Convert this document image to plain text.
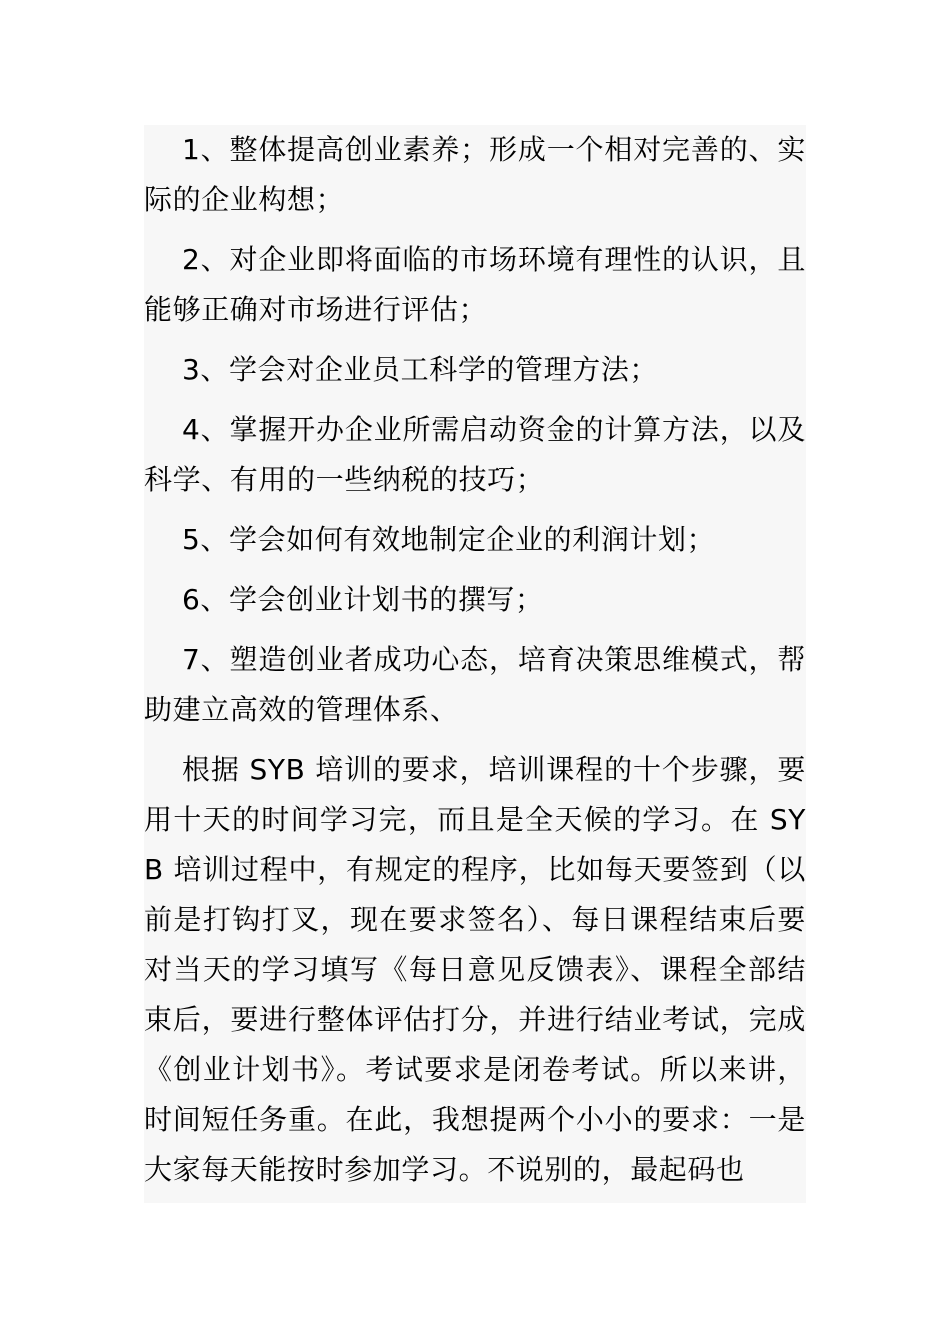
1、整体提高创业素养；形成一个相对完善的、实际的企业构想；

2、对企业即将面临的市场环境有理性的认识，且能够正确对市场进行评估；

3、学会对企业员工科学的管理方法；

4、掌握开办企业所需启动资金的计算方法，以及科学、有用的一些纳税的技巧；

5、学会如何有效地制定企业的利润计划；

6、学会创业计划书的撰写；

7、塑造创业者成功心态，培育决策思维模式，帮助建立高效的管理体系、

根据 SYB 培训的要求，培训课程的十个步骤，要用十天的时间学习完，而且是全天候的学习。在 SYB 培训过程中，有规定的程序，比如每天要签到（以前是打钩打叉，现在要求签名）、每日课程结束后要对当天的学习填写《每日意见反馈表》、课程全部结束后，要进行整体评估打分，并进行结业考试，完成《创业计划书》。考试要求是闭卷考试。所以来讲，时间短任务重。在此，我想提两个小小的要求：一是大家每天能按时参加学习。不说别的，最起码也
